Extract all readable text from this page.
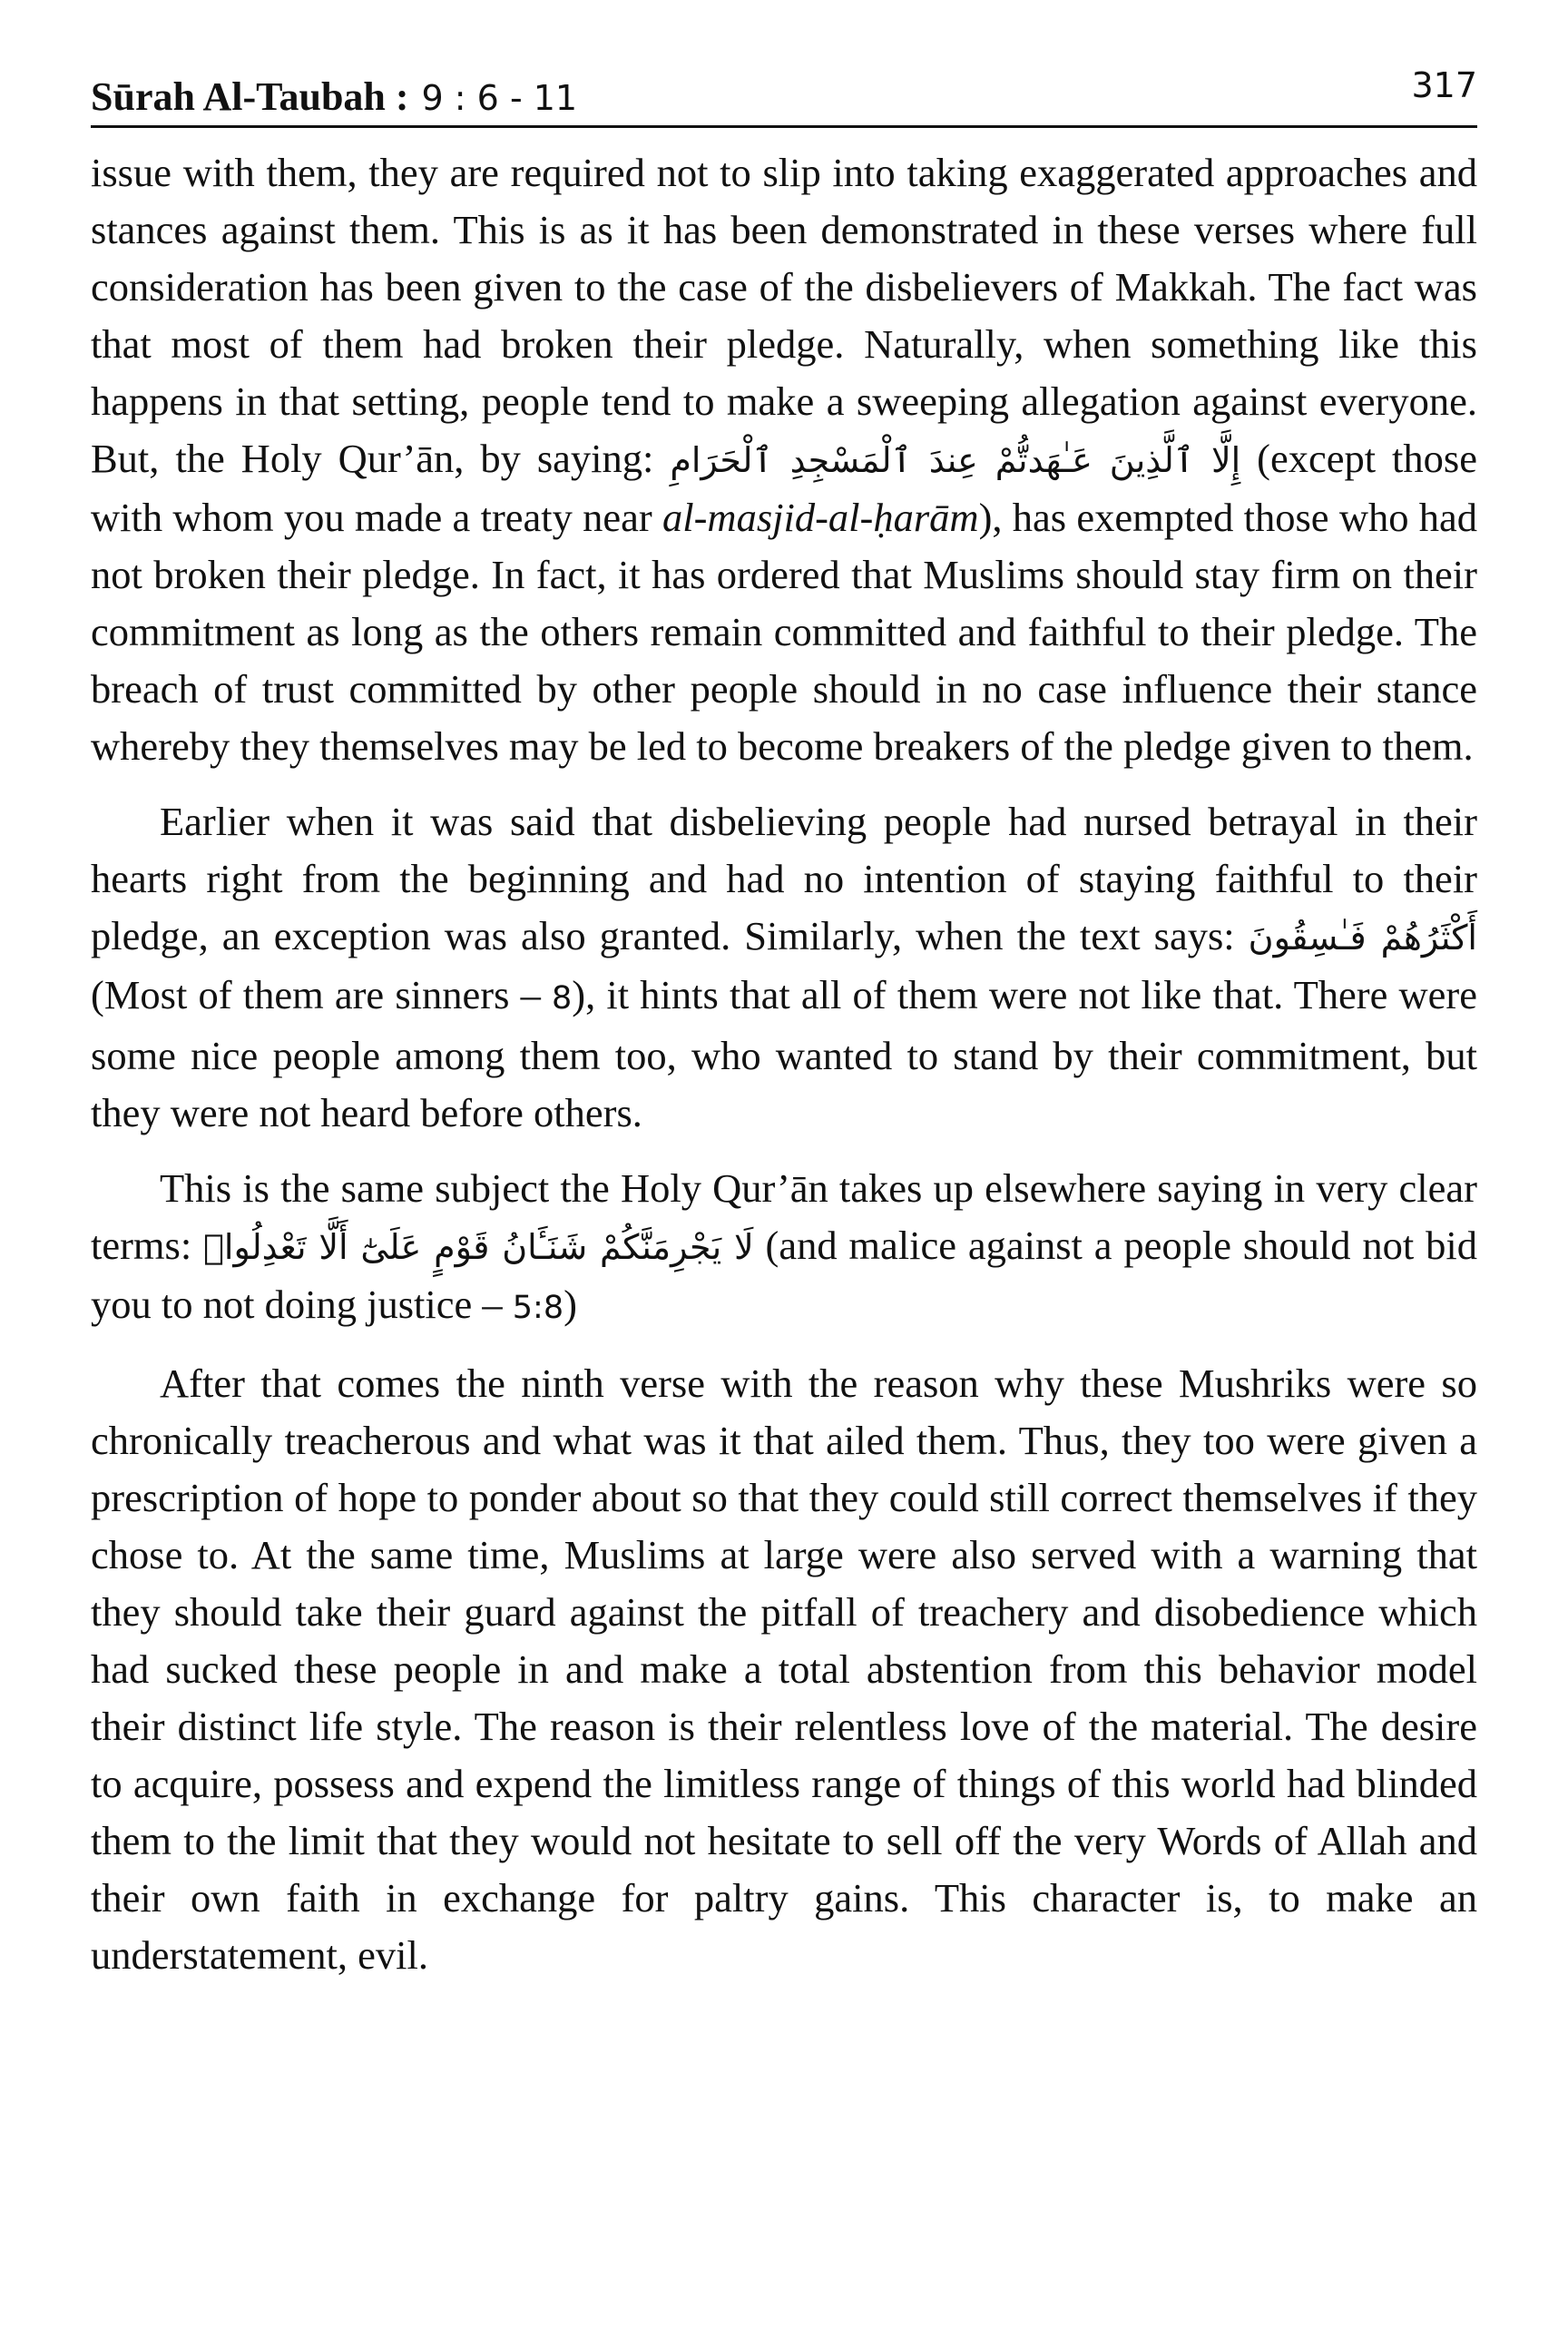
Sūrah Al-Taubah : 9 : 6 - 11	317

issue with them, they are required not to slip into taking exaggerated approaches and stances against them. This is as it has been demonstrated in these verses where full consideration has been given to the case of the disbelievers of Makkah. The fact was that most of them had broken their pledge. Naturally, when something like this happens in that setting, people tend to make a sweeping allegation against everyone. But, the Holy Qur’ān, by saying: إِلَّا ٱلَّذِينَ عَـٰهَدتُّمْ عِندَ ٱلْمَسْجِدِ ٱلْحَرَامِ (except those with whom you made a treaty near al-masjid-al-ḥarām), has exempted those who had not broken their pledge. In fact, it has ordered that Muslims should stay firm on their commitment as long as the others remain committed and faithful to their pledge. The breach of trust committed by other people should in no case influence their stance whereby they themselves may be led to become breakers of the pledge given to them.

Earlier when it was said that disbelieving people had nursed betrayal in their hearts right from the beginning and had no intention of staying faithful to their pledge, an exception was also granted. Similarly, when the text says: أَكْثَرُهُمْ فَـٰسِقُونَ (Most of them are sinners – 8), it hints that all of them were not like that. There were some nice people among them too, who wanted to stand by their commitment, but they were not heard before others.

This is the same subject the Holy Qur’ān takes up elsewhere saying in very clear terms: لَا يَجْرِمَنَّكُمْ شَنَـَٔانُ قَوْمٍ عَلَىٰٓ أَلَّا تَعْدِلُوا۟ (and malice against a people should not bid you to not doing justice – 5:8)

After that comes the ninth verse with the reason why these Mushriks were so chronically treacherous and what was it that ailed them. Thus, they too were given a prescription of hope to ponder about so that they could still correct themselves if they chose to. At the same time, Muslims at large were also served with a warning that they should take their guard against the pitfall of treachery and disobedience which had sucked these people in and make a total abstention from this behavior model their distinct life style. The reason is their relentless love of the material. The desire to acquire, possess and expend the limitless range of things of this world had blinded them to the limit that they would not hesitate to sell off the very Words of Allah and their own faith in exchange for paltry gains. This character is, to make an understatement, evil.
